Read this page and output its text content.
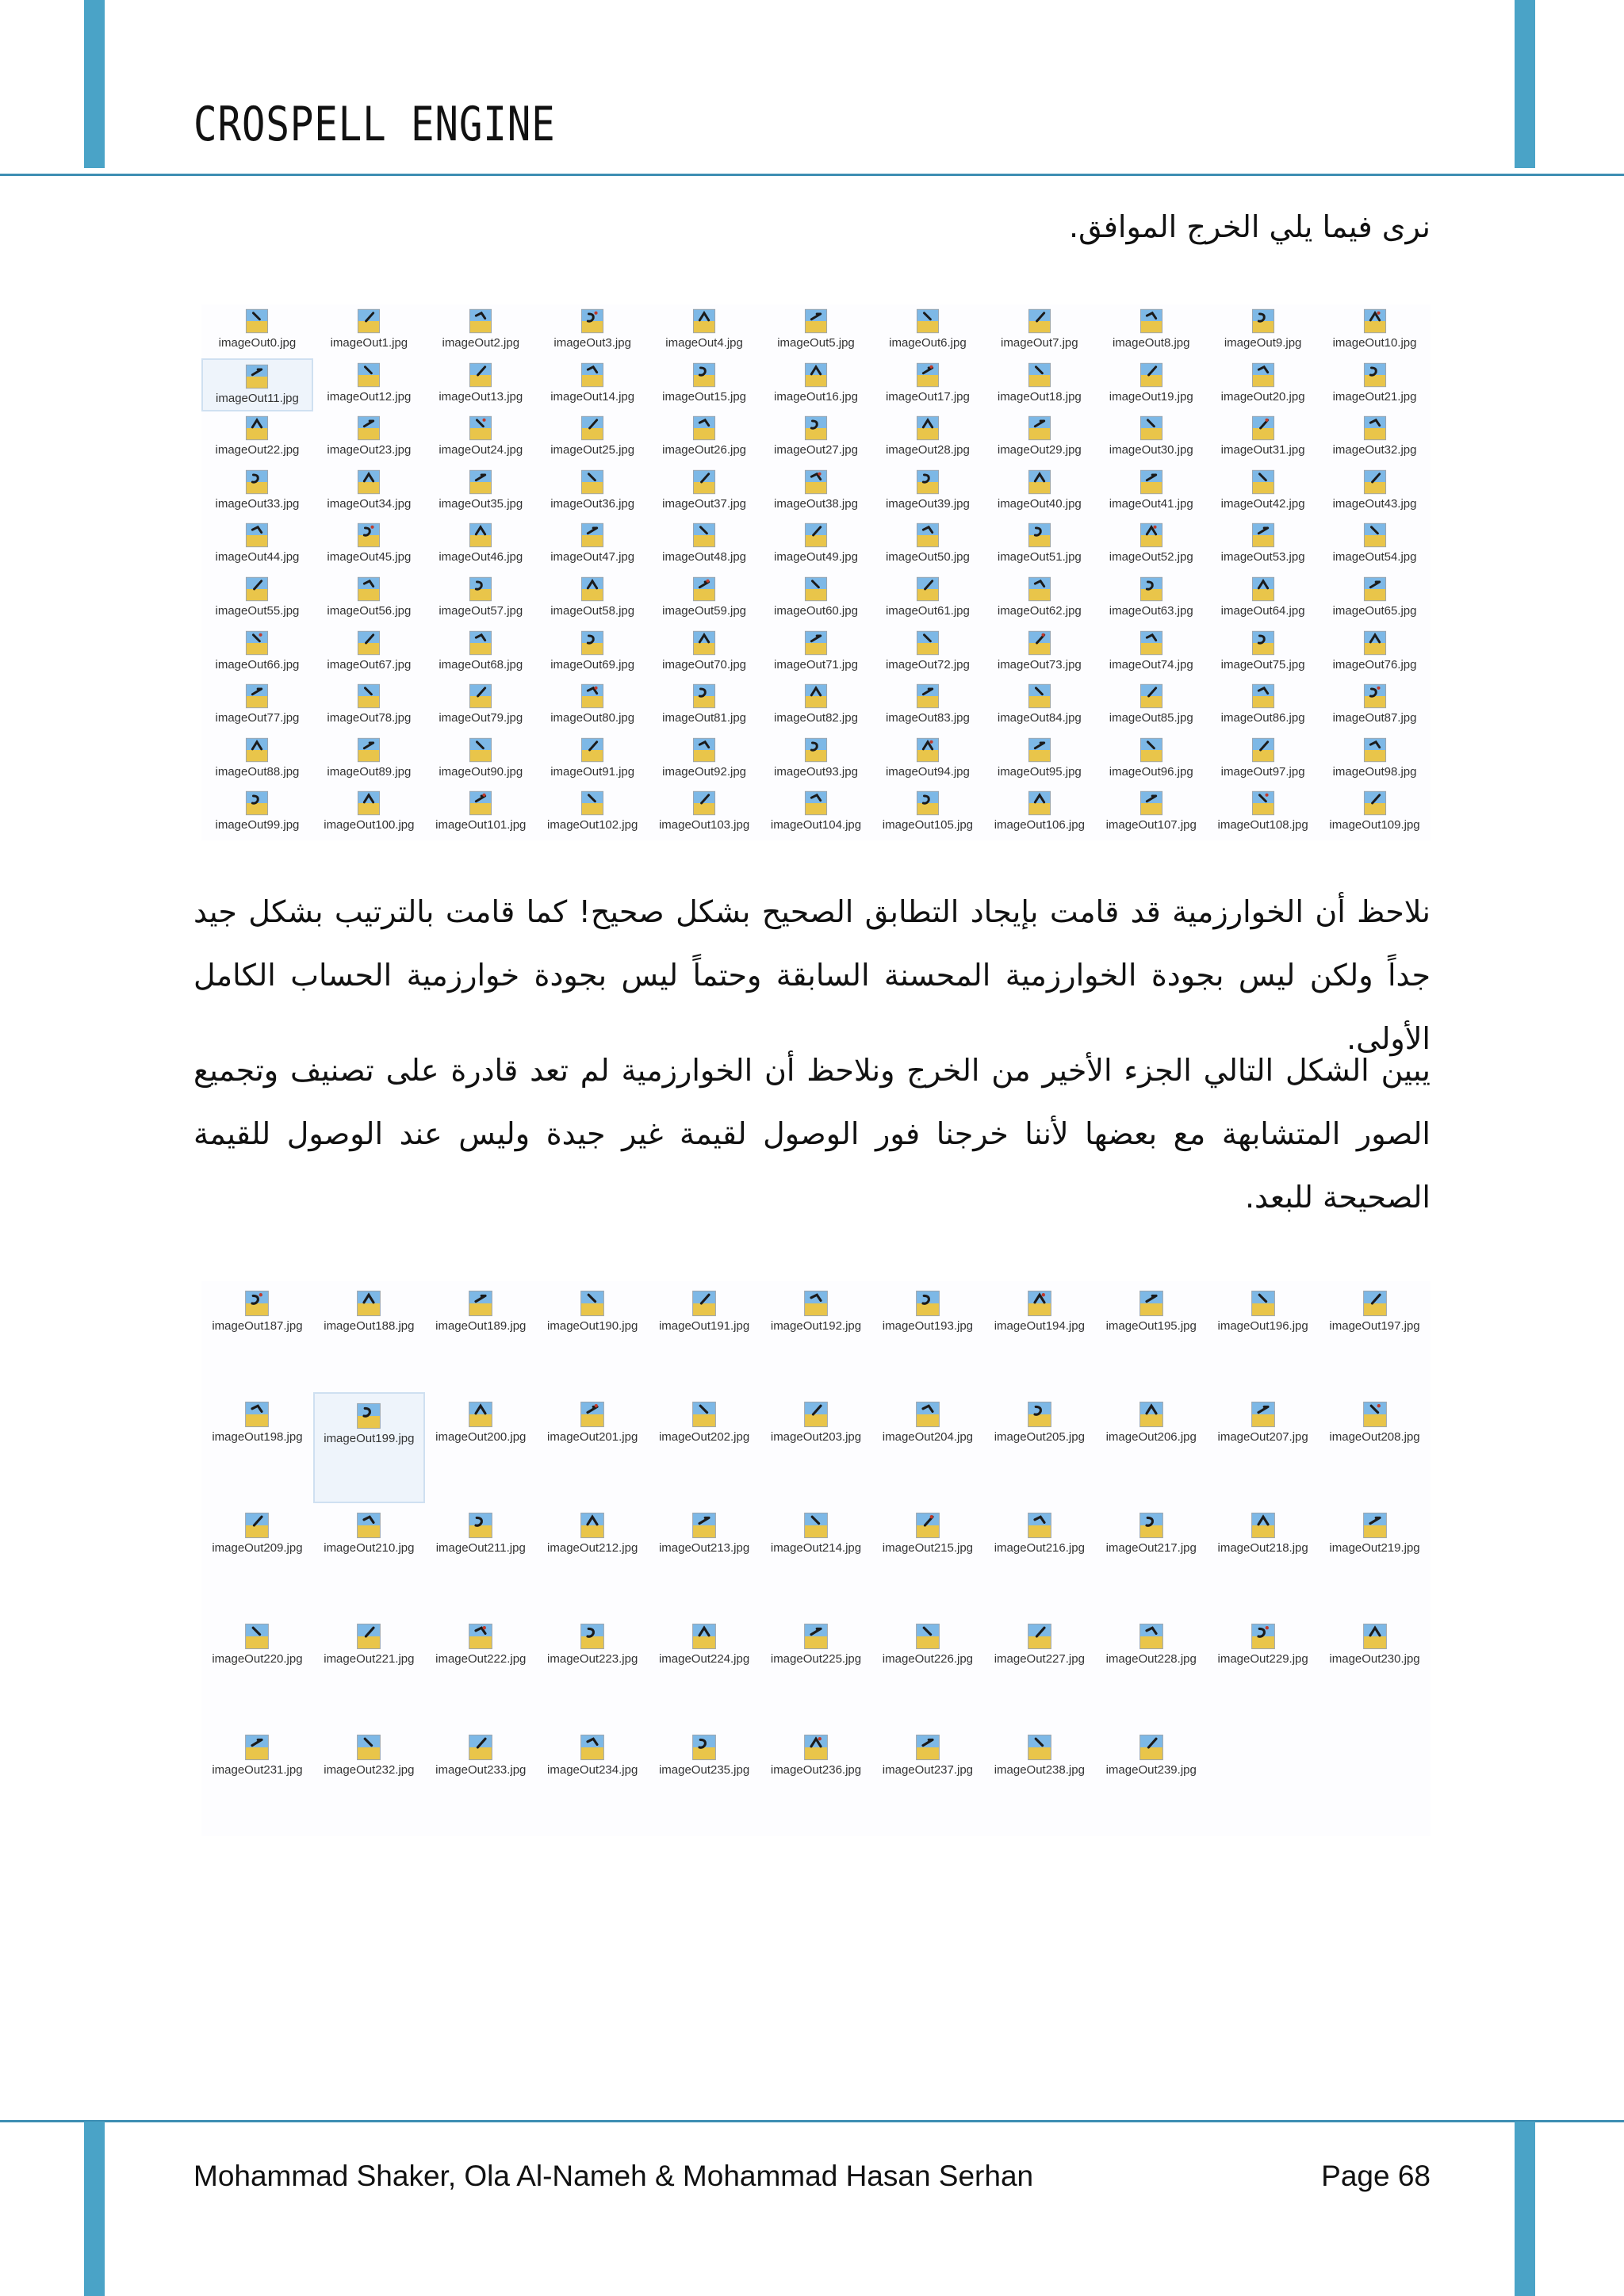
CROSPELL ENGINE

نرى فيما يلي الخرج الموافق.

imageOut0.jpg	imageOut1.jpg	imageOut2.jpg	imageOut3.jpg	imageOut4.jpg	imageOut5.jpg	imageOut6.jpg	imageOut7.jpg	imageOut8.jpg	imageOut9.jpg	imageOut10.jpg
imageOut11.jpg imageOut12.jpg imageOut13.jpg imageOut14.jpg imageOut15.jpg imageOut16.jpg imageOut17.jpg imageOut18.jpg imageOut19.jpg imageOut20.jpg imageOut21.jpg
imageOut22.jpg imageOut23.jpg imageOut24.jpg imageOut25.jpg imageOut26.jpg imageOut27.jpg imageOut28.jpg imageOut29.jpg imageOut30.jpg imageOut31.jpg imageOut32.jpg
imageOut33.jpg imageOut34.jpg imageOut35.jpg imageOut36.jpg imageOut37.jpg imageOut38.jpg imageOut39.jpg imageOut40.jpg imageOut41.jpg imageOut42.jpg imageOut43.jpg
imageOut44.jpg imageOut45.jpg imageOut46.jpg imageOut47.jpg imageOut48.jpg imageOut49.jpg imageOut50.jpg imageOut51.jpg imageOut52.jpg imageOut53.jpg imageOut54.jpg
imageOut55.jpg imageOut56.jpg imageOut57.jpg imageOut58.jpg imageOut59.jpg imageOut60.jpg imageOut61.jpg imageOut62.jpg imageOut63.jpg imageOut64.jpg imageOut65.jpg
imageOut66.jpg imageOut67.jpg imageOut68.jpg imageOut69.jpg imageOut70.jpg imageOut71.jpg imageOut72.jpg imageOut73.jpg imageOut74.jpg imageOut75.jpg imageOut76.jpg
imageOut77.jpg imageOut78.jpg imageOut79.jpg imageOut80.jpg imageOut81.jpg imageOut82.jpg imageOut83.jpg imageOut84.jpg imageOut85.jpg imageOut86.jpg imageOut87.jpg
imageOut88.jpg imageOut89.jpg imageOut90.jpg imageOut91.jpg imageOut92.jpg imageOut93.jpg imageOut94.jpg imageOut95.jpg imageOut96.jpg imageOut97.jpg imageOut98.jpg
imageOut99.jpg imageOut100.jpg imageOut101.jpg imageOut102.jpg imageOut103.jpg imageOut104.jpg imageOut105.jpg imageOut106.jpg imageOut107.jpg imageOut108.jpg imageOut109.jpg

نلاحظ أن الخوارزمية قد قامت بإيجاد التطابق الصحيح بشكل صحيح! كما قامت بالترتيب بشكل جيد جداً ولكن ليس بجودة الخوارزمية المحسنة السابقة وحتماً ليس بجودة خوارزمية الحساب الكامل الأولى.

يبين الشكل التالي الجزء الأخير من الخرج ونلاحظ أن الخوارزمية لم تعد قادرة على تصنيف وتجميع الصور المتشابهة مع بعضها لأننا خرجنا فور الوصول لقيمة غير جيدة وليس عند الوصول للقيمة الصحيحة للبعد.

imageOut187.jpg imageOut188.jpg imageOut189.jpg imageOut190.jpg imageOut191.jpg imageOut192.jpg imageOut193.jpg imageOut194.jpg imageOut195.jpg imageOut196.jpg imageOut197.jpg
imageOut198.jpg imageOut199.jpg imageOut200.jpg imageOut201.jpg imageOut202.jpg imageOut203.jpg imageOut204.jpg imageOut205.jpg imageOut206.jpg imageOut207.jpg imageOut208.jpg
imageOut209.jpg imageOut210.jpg imageOut211.jpg imageOut212.jpg imageOut213.jpg imageOut214.jpg imageOut215.jpg imageOut216.jpg imageOut217.jpg imageOut218.jpg imageOut219.jpg
imageOut220.jpg imageOut221.jpg imageOut222.jpg imageOut223.jpg imageOut224.jpg imageOut225.jpg imageOut226.jpg imageOut227.jpg imageOut228.jpg imageOut229.jpg imageOut230.jpg
imageOut231.jpg imageOut232.jpg imageOut233.jpg imageOut234.jpg imageOut235.jpg imageOut236.jpg imageOut237.jpg imageOut238.jpg imageOut239.jpg
Mohammad Shaker, Ola Al-Nameh & Mohammad Hasan Serhan	Page 68
